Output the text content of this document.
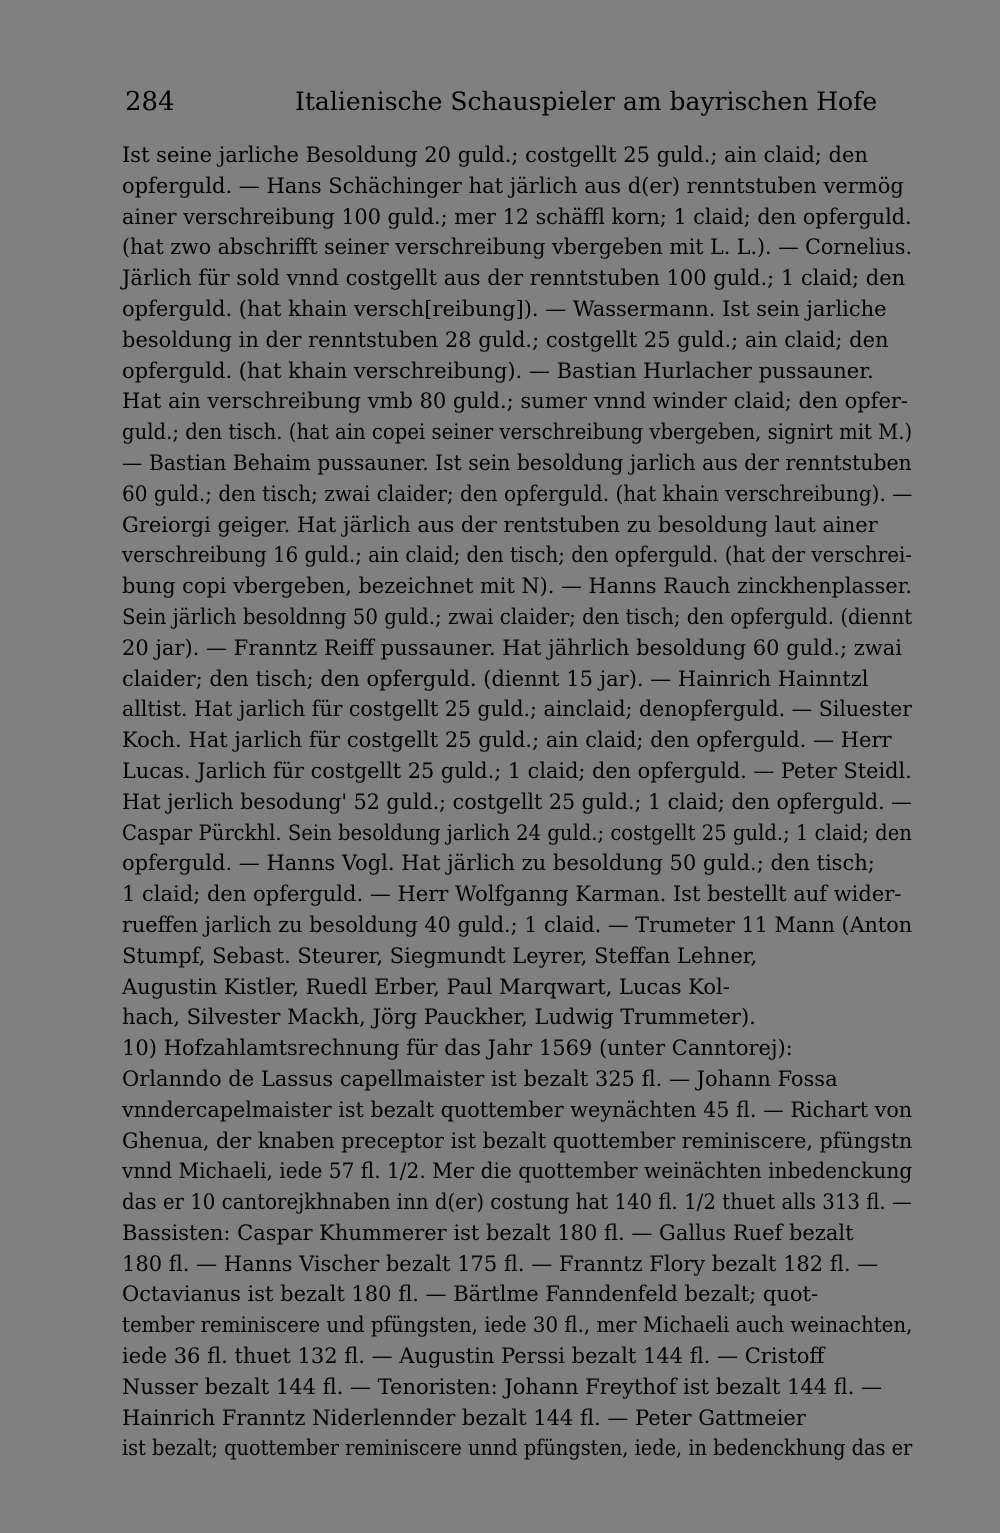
284	Italienische Schauspieler am bayrischen Hofe
Ist seine jarliche Besoldung 20 guld.; costgellt 25 guld.; ain claid; den
opferguld. — Hans Schächinger hat järlich aus d(er) renntstuben vermög
ainer verschreibung 100 guld.; mer 12 schäffl korn; 1 claid; den opferguld.
(hat zwo abschrifft seiner verschreibung vbergeben mit L. L.). — Cornelius.
Järlich für sold vnnd costgellt aus der renntstuben 100 guld.; 1 claid; den
opferguld. (hat khain versch[reibung]). — Wassermann. Ist sein jarliche
besoldung in der renntstuben 28 guld.; costgellt 25 guld.; ain claid; den
opferguld. (hat khain verschreibung). — Bastian Hurlacher pussauner.
Hat ain verschreibung vmb 80 guld.; sumer vnnd winder claid; den opfer-
guld.; den tisch. (hat ain copei seiner verschreibung vbergeben, signirt mit M.)
— Bastian Behaim pussauner. Ist sein besoldung jarlich aus der renntstuben
60 guld.; den tisch; zwai claider; den opferguld. (hat khain verschreibung). —
Greiorgi geiger. Hat järlich aus der rentstuben zu besoldung laut ainer
verschreibung 16 guld.; ain claid; den tisch; den opferguld. (hat der verschrei-
bung copi vbergeben, bezeichnet mit N). — Hanns Rauch zinckhenplasser.
Sein järlich besoldnng 50 guld.; zwai claider; den tisch; den opferguld. (diennt
20 jar). — Franntz Reiff pussauner. Hat jährlich besoldung 60 guld.; zwai
claider; den tisch; den opferguld. (diennt 15 jar). — Hainrich Hainntzl
alltist. Hat jarlich für costgellt 25 guld.; ainclaid; denopferguld. — Siluester
Koch. Hat jarlich für costgellt 25 guld.; ain claid; den opferguld. — Herr
Lucas. Jarlich für costgellt 25 guld.; 1 claid; den opferguld. — Peter Steidl.
Hat jerlich besodung' 52 guld.; costgellt 25 guld.; 1 claid; den opferguld. —
Caspar Pürckhl. Sein besoldung jarlich 24 guld.; costgellt 25 guld.; 1 claid; den
opferguld. — Hanns Vogl. Hat järlich zu besoldung 50 guld.; den tisch;
1 claid; den opferguld. — Herr Wolfganng Karman. Ist bestellt auf wider-
rueffen jarlich zu besoldung 40 guld.; 1 claid. — Trumeter 11 Mann (Anton
Stumpf, Sebast. Steurer, Siegmundt Leyrer, Steffan Lehner,
Augustin Kistler, Ruedl Erber, Paul Marqwart, Lucas Kol-
hach, Silvester Mackh, Jörg Pauckher, Ludwig Trummeter).
10) Hofzahlamtsrechnung für das Jahr 1569 (unter Canntorej):
Orlanndo de Lassus capellmaister ist bezalt 325 fl. — Johann Fossa
vnndercapelmaister ist bezalt quottember weynächten 45 fl. — Richart von
Ghenua, der knaben preceptor ist bezalt quottember reminiscere, pfüngstn
vnnd Michaeli, iede 57 fl. 1/2. Mer die quottember weinächten inbedenckung
das er 10 cantorejkhnaben inn d(er) costung hat 140 fl. 1/2 thuet alls 313 fl. —
Bassisten: Caspar Khummerer ist bezalt 180 fl. — Gallus Ruef bezalt
180 fl. — Hanns Vischer bezalt 175 fl. — Franntz Flory bezalt 182 fl. —
Octavianus ist bezalt 180 fl. — Bärtlme Fanndenfeld bezalt; quot-
tember reminiscere und pfüngsten, iede 30 fl., mer Michaeli auch weinachten,
iede 36 fl. thuet 132 fl. — Augustin Perssi bezalt 144 fl. — Cristoff
Nusser bezalt 144 fl. — Tenoristen: Johann Freythof ist bezalt 144 fl. —
Hainrich Franntz Niderlennder bezalt 144 fl. — Peter Gattmeier
ist bezalt; quottember reminiscere unnd pfüngsten, iede, in bedenckhung das er
